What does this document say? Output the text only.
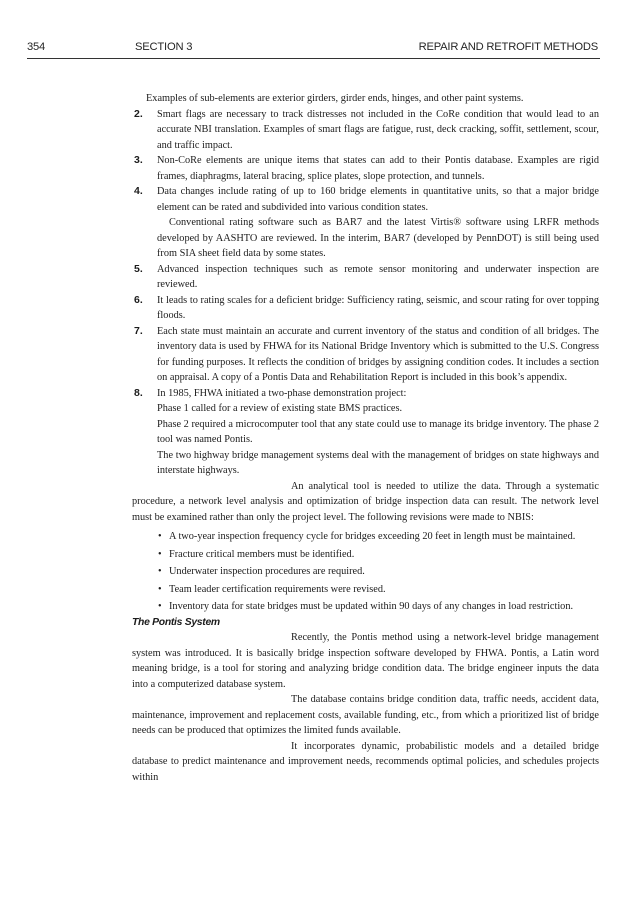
354	SECTION 3	REPAIR AND RETROFIT METHODS

Examples of sub-elements are exterior girders, girder ends, hinges, and other paint systems.

2. Smart flags are necessary to track distresses not included in the CoRe condition that would lead to an accurate NBI translation. Examples of smart flags are fatigue, rust, deck cracking, soffit, settlement, scour, and traffic impact.

3. Non-CoRe elements are unique items that states can add to their Pontis database. Examples are rigid frames, diaphragms, lateral bracing, splice plates, slope protection, and tunnels.

4. Data changes include rating of up to 160 bridge elements in quantitative units, so that a major bridge element can be rated and subdivided into various condition states.

Conventional rating software such as BAR7 and the latest Virtis® software using LRFR methods developed by AASHTO are reviewed. In the interim, BAR7 (developed by PennDOT) is still being used from SIA sheet field data by some states.

5. Advanced inspection techniques such as remote sensor monitoring and underwater inspection are reviewed.

6. It leads to rating scales for a deficient bridge: Sufficiency rating, seismic, and scour rating for over topping floods.

7. Each state must maintain an accurate and current inventory of the status and condition of all bridges. The inventory data is used by FHWA for its National Bridge Inventory which is submitted to the U.S. Congress for funding purposes. It reflects the condition of bridges by assigning condition codes. It includes a section on appraisal. A copy of a Pontis Data and Rehabilitation Report is included in this book’s appendix.

8. In 1985, FHWA initiated a two-phase demonstration project:

Phase 1 called for a review of existing state BMS practices.

Phase 2 required a microcomputer tool that any state could use to manage its bridge inventory. The phase 2 tool was named Pontis.

The two highway bridge management systems deal with the management of bridges on state highways and interstate highways.

An analytical tool is needed to utilize the data. Through a systematic procedure, a network level analysis and optimization of bridge inspection data can result. The network level must be examined rather than only the project level. The following revisions were made to NBIS:

• A two-year inspection frequency cycle for bridges exceeding 20 feet in length must be maintained.

• Fracture critical members must be identified.

• Underwater inspection procedures are required.

• Team leader certification requirements were revised.

• Inventory data for state bridges must be updated within 90 days of any changes in load restriction.

The Pontis System

Recently, the Pontis method using a network-level bridge management system was introduced. It is basically bridge inspection software developed by FHWA. Pontis, a Latin word meaning bridge, is a tool for storing and analyzing bridge condition data. The bridge engineer inputs the data into a computerized database system.

The database contains bridge condition data, traffic needs, accident data, maintenance, improvement and replacement costs, available funding, etc., from which a prioritized list of bridge needs can be produced that optimizes the limited funds available.

It incorporates dynamic, probabilistic models and a detailed bridge database to predict maintenance and improvement needs, recommends optimal policies, and schedules projects within
